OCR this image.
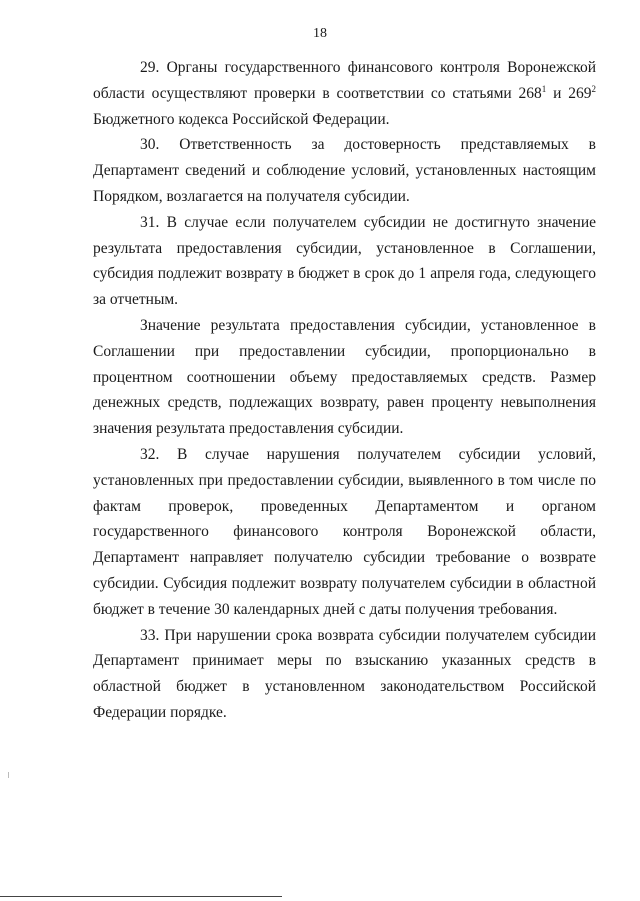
18

29. Органы государственного финансового контроля Воронежской области осуществляют проверки в соответствии со статьями $268^1$ и $269^2$ Бюджетного кодекса Российской Федерации.

30. Ответственность за достоверность представляемых в Департамент сведений и соблюдение условий, установленных настоящим Порядком, возлагается на получателя субсидии.

31. В случае если получателем субсидии не достигнуто значение результата предоставления субсидии, установленное в Соглашении, субсидия подлежит возврату в бюджет в срок до 1 апреля года, следующего за отчетным.

Значение результата предоставления субсидии, установленное в Соглашении при предоставлении субсидии, пропорционально в процентном соотношении объему предоставляемых средств. Размер денежных средств, подлежащих возврату, равен проценту невыполнения значения результата предоставления субсидии.

32. В случае нарушения получателем субсидии условий, установленных при предоставлении субсидии, выявленного в том числе по фактам проверок, проведенных Департаментом и органом государственного финансового контроля Воронежской области, Департамент направляет получателю субсидии требование о возврате субсидии. Субсидия подлежит возврату получателем субсидии в областной бюджет в течение 30 календарных дней с даты получения требования.

33. При нарушении срока возврата субсидии получателем субсидии Департамент принимает меры по взысканию указанных средств в областной бюджет в установленном законодательством Российской Федерации порядке.
